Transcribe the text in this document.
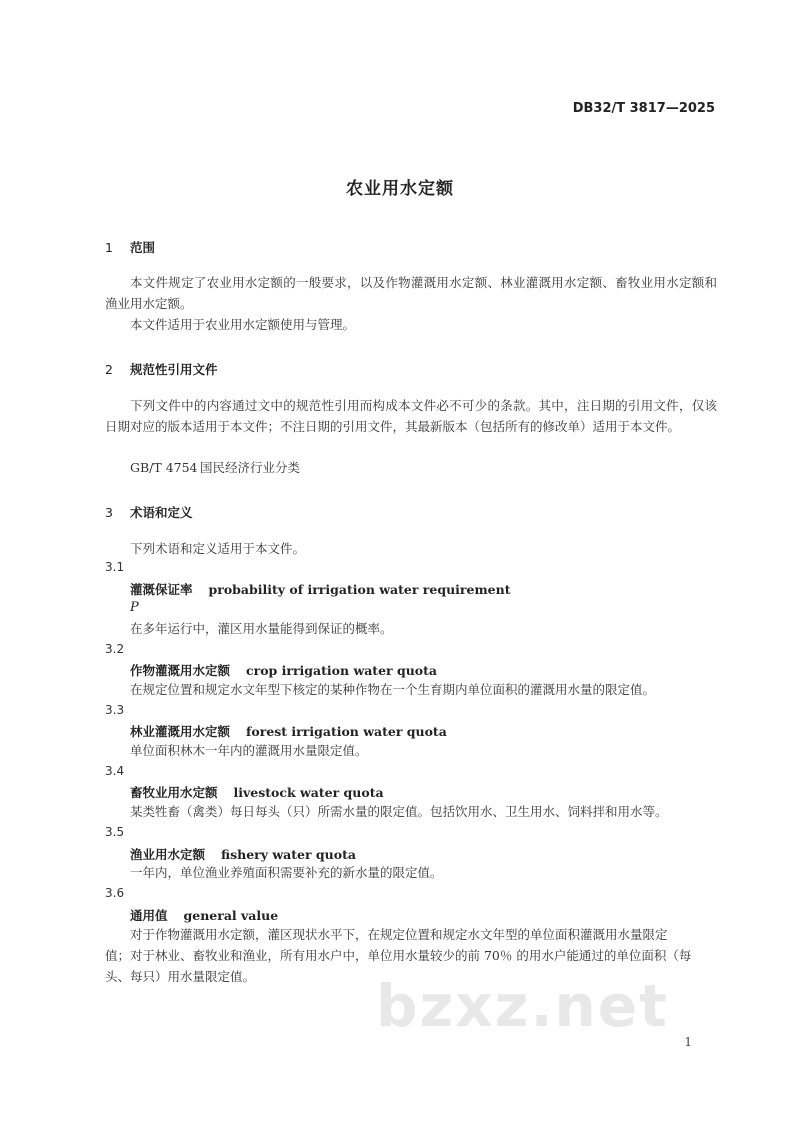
DB32/T 3817—2025
农业用水定额
1 范围
本文件规定了农业用水定额的一般要求，以及作物灌溉用水定额、林业灌溉用水定额、畜牧业用水定额和渔业用水定额。
本文件适用于农业用水定额使用与管理。
2 规范性引用文件
下列文件中的内容通过文中的规范性引用而构成本文件必不可少的条款。其中，注日期的引用文件，仅该日期对应的版本适用于本文件；不注日期的引用文件，其最新版本（包括所有的修改单）适用于本文件。
GB/T 4754 国民经济行业分类
3 术语和定义
下列术语和定义适用于本文件。
3.1
灌溉保证率 probability of irrigation water requirement
P
在多年运行中，灌区用水量能得到保证的概率。
3.2
作物灌溉用水定额 crop irrigation water quota
在规定位置和规定水文年型下核定的某种作物在一个生育期内单位面积的灌溉用水量的限定值。
3.3
林业灌溉用水定额 forest irrigation water quota
单位面积林木一年内的灌溉用水量限定值。
3.4
畜牧业用水定额 livestock water quota
某类牲畜（禽类）每日每头（只）所需水量的限定值。包括饮用水、卫生用水、饲料拌和用水等。
3.5
渔业用水定额 fishery water quota
一年内，单位渔业养殖面积需要补充的新水量的限定值。
3.6
通用值 general value
对于作物灌溉用水定额，灌区现状水平下，在规定位置和规定水文年型的单位面积灌溉用水量限定
值；对于林业、畜牧业和渔业，所有用水户中，单位用水量较少的前 70％ 的用水户能通过的单位面积（每
头、每只）用水量限定值。	bzxz.net
1
